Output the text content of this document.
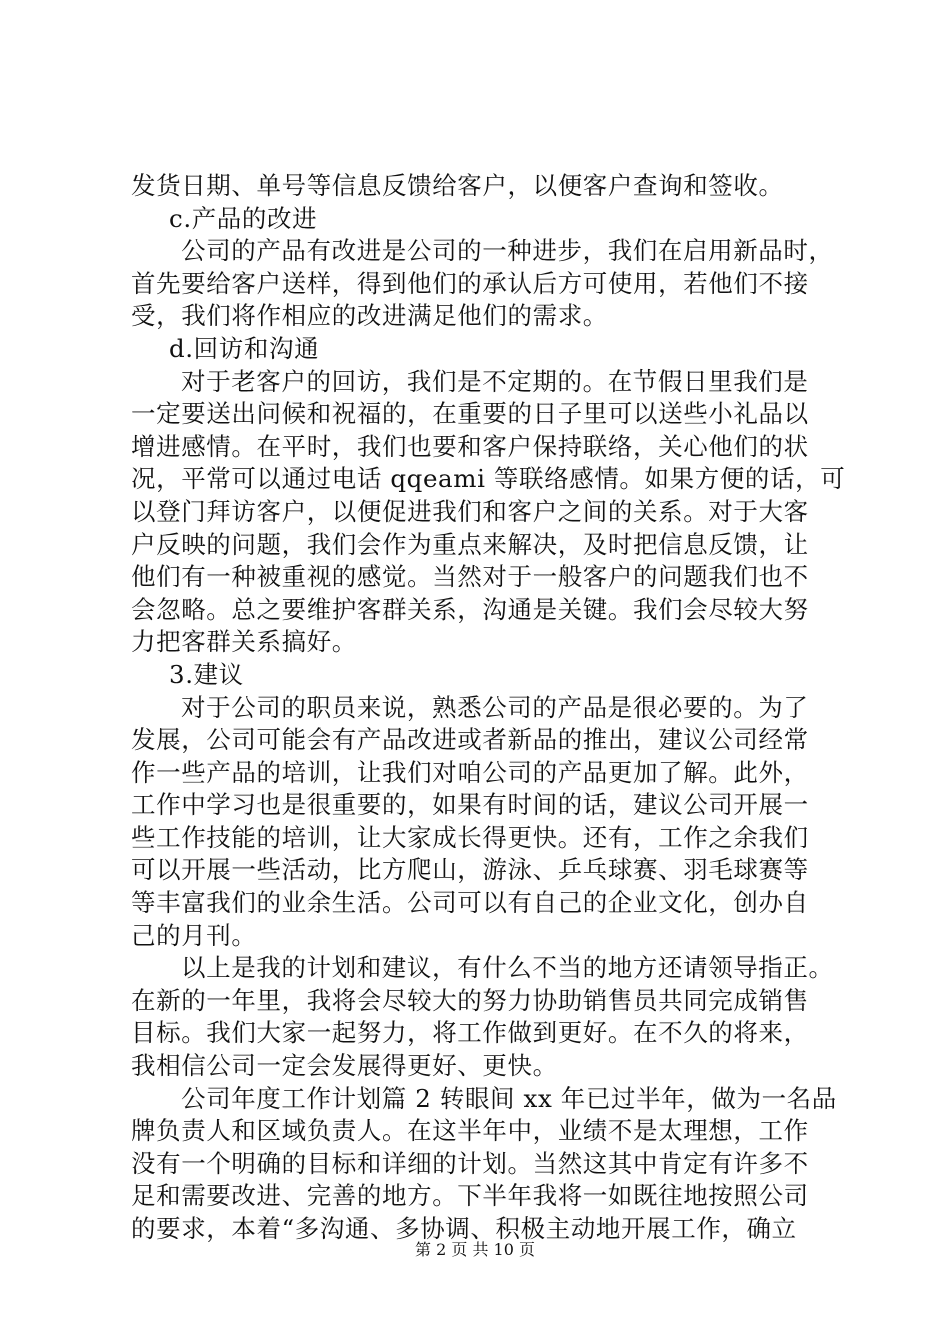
发货日期、单号等信息反馈给客户，以便客户查询和签收。
c.产品的改进
公司的产品有改进是公司的一种进步，我们在启用新品时，
首先要给客户送样，得到他们的承认后方可使用，若他们不接
受，我们将作相应的改进满足他们的需求。
d.回访和沟通
对于老客户的回访，我们是不定期的。在节假日里我们是
一定要送出问候和祝福的，在重要的日子里可以送些小礼品以
增进感情。在平时，我们也要和客户保持联络，关心他们的状
况，平常可以通过电话 qqeami 等联络感情。如果方便的话，可
以登门拜访客户，以便促进我们和客户之间的关系。对于大客
户反映的问题，我们会作为重点来解决，及时把信息反馈，让
他们有一种被重视的感觉。当然对于一般客户的问题我们也不
会忽略。总之要维护客群关系，沟通是关键。我们会尽较大努
力把客群关系搞好。
3.建议
对于公司的职员来说，熟悉公司的产品是很必要的。为了
发展，公司可能会有产品改进或者新品的推出，建议公司经常
作一些产品的培训，让我们对咱公司的产品更加了解。此外，
工作中学习也是很重要的，如果有时间的话，建议公司开展一
些工作技能的培训，让大家成长得更快。还有，工作之余我们
可以开展一些活动，比方爬山，游泳、乒乓球赛、羽毛球赛等
等丰富我们的业余生活。公司可以有自己的企业文化，创办自
己的月刊。
以上是我的计划和建议，有什么不当的地方还请领导指正。
在新的一年里，我将会尽较大的努力协助销售员共同完成销售
目标。我们大家一起努力，将工作做到更好。在不久的将来，
我相信公司一定会发展得更好、更快。
公司年度工作计划篇 2 转眼间 xx 年已过半年，做为一名品
牌负责人和区域负责人。在这半年中，业绩不是太理想，工作
没有一个明确的目标和详细的计划。当然这其中肯定有许多不
足和需要改进、完善的地方。下半年我将一如既往地按照公司
的要求，本着“多沟通、多协调、积极主动地开展工作，确立
第 2 页 共 10 页
